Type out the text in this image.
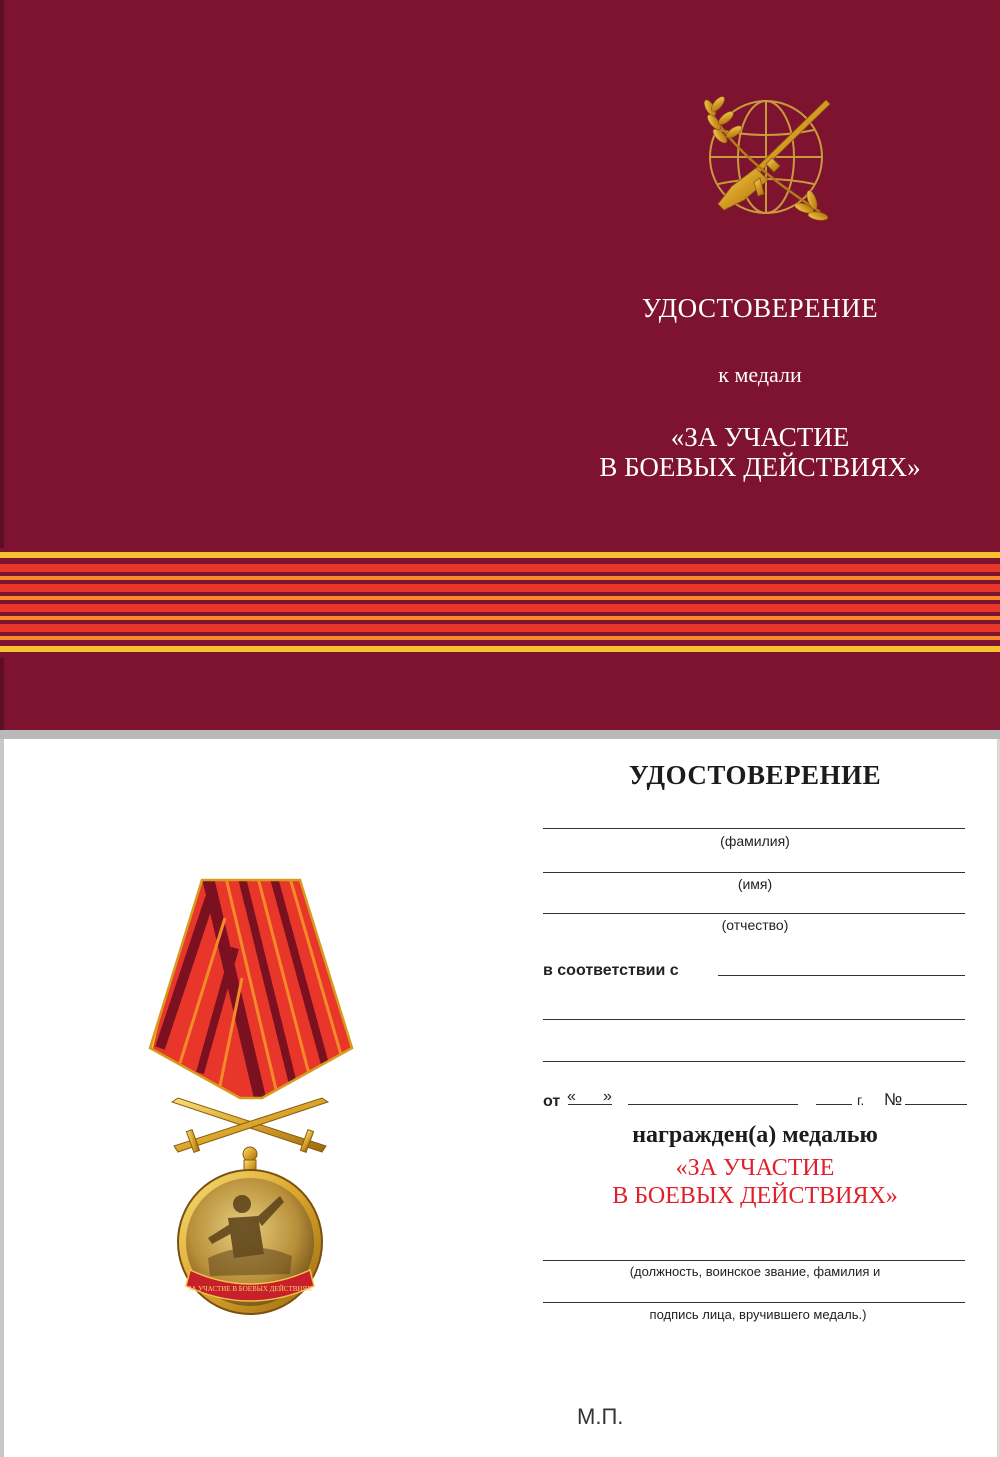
УДОСТОВЕРЕНИЕ
к медали
«ЗА УЧАСТИЕ
В БОЕВЫХ ДЕЙСТВИЯХ»
ЗА УЧАСТИЕ В БОЕВЫХ ДЕЙСТВИЯХ
УДОСТОВЕРЕНИЕ
(фамилия)
(имя)
(отчество)
в соответствии с
от « »	г. №
награжден(а) медалью
«ЗА УЧАСТИЕ
В БОЕВЫХ ДЕЙСТВИЯХ»
(должность, воинское звание, фамилия и
подпись лица, вручившего медаль.)
М.П.
